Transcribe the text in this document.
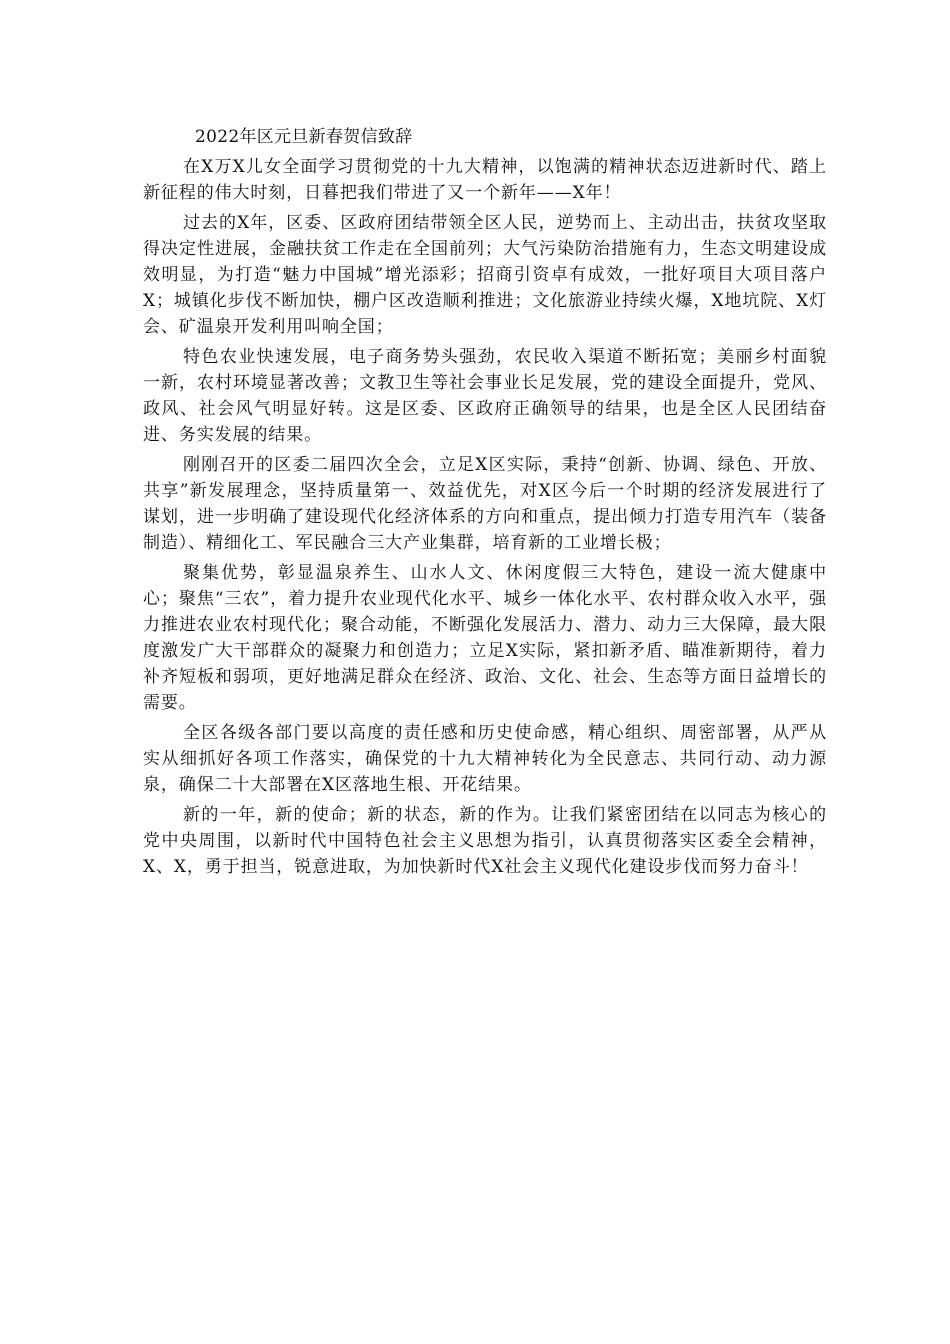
2022年区元旦新春贺信致辞

在X万X儿女全面学习贯彻党的十九大精神，以饱满的精神状态迈进新时代、踏上新征程的伟大时刻，日暮把我们带进了又一个新年——X年！

过去的X年，区委、区政府团结带领全区人民，逆势而上、主动出击，扶贫攻坚取得决定性进展，金融扶贫工作走在全国前列；大气污染防治措施有力，生态文明建设成效明显，为打造“魅力中国城”增光添彩；招商引资卓有成效，一批好项目大项目落户X；城镇化步伐不断加快，棚户区改造顺利推进；文化旅游业持续火爆，X地坑院、X灯会、矿温泉开发利用叫响全国；

特色农业快速发展，电子商务势头强劲，农民收入渠道不断拓宽；美丽乡村面貌一新，农村环境显著改善；文教卫生等社会事业长足发展，党的建设全面提升，党风、政风、社会风气明显好转。这是区委、区政府正确领导的结果，也是全区人民团结奋进、务实发展的结果。

刚刚召开的区委二届四次全会，立足X区实际，秉持“创新、协调、绿色、开放、共享”新发展理念，坚持质量第一、效益优先，对X区今后一个时期的经济发展进行了谋划，进一步明确了建设现代化经济体系的方向和重点，提出倾力打造专用汽车（装备制造）、精细化工、军民融合三大产业集群，培育新的工业增长极；

聚集优势，彰显温泉养生、山水人文、休闲度假三大特色，建设一流大健康中心；聚焦“三农”，着力提升农业现代化水平、城乡一体化水平、农村群众收入水平，强力推进农业农村现代化；聚合动能，不断强化发展活力、潜力、动力三大保障，最大限度激发广大干部群众的凝聚力和创造力；立足X实际，紧扣新矛盾、瞄准新期待，着力补齐短板和弱项，更好地满足群众在经济、政治、文化、社会、生态等方面日益增长的需要。

全区各级各部门要以高度的责任感和历史使命感，精心组织、周密部署，从严从实从细抓好各项工作落实，确保党的十九大精神转化为全民意志、共同行动、动力源泉，确保二十大部署在X区落地生根、开花结果。

新的一年，新的使命；新的状态，新的作为。让我们紧密团结在以同志为核心的党中央周围，以新时代中国特色社会主义思想为指引，认真贯彻落实区委全会精神，X、X，勇于担当，锐意进取，为加快新时代X社会主义现代化建设步伐而努力奋斗！
